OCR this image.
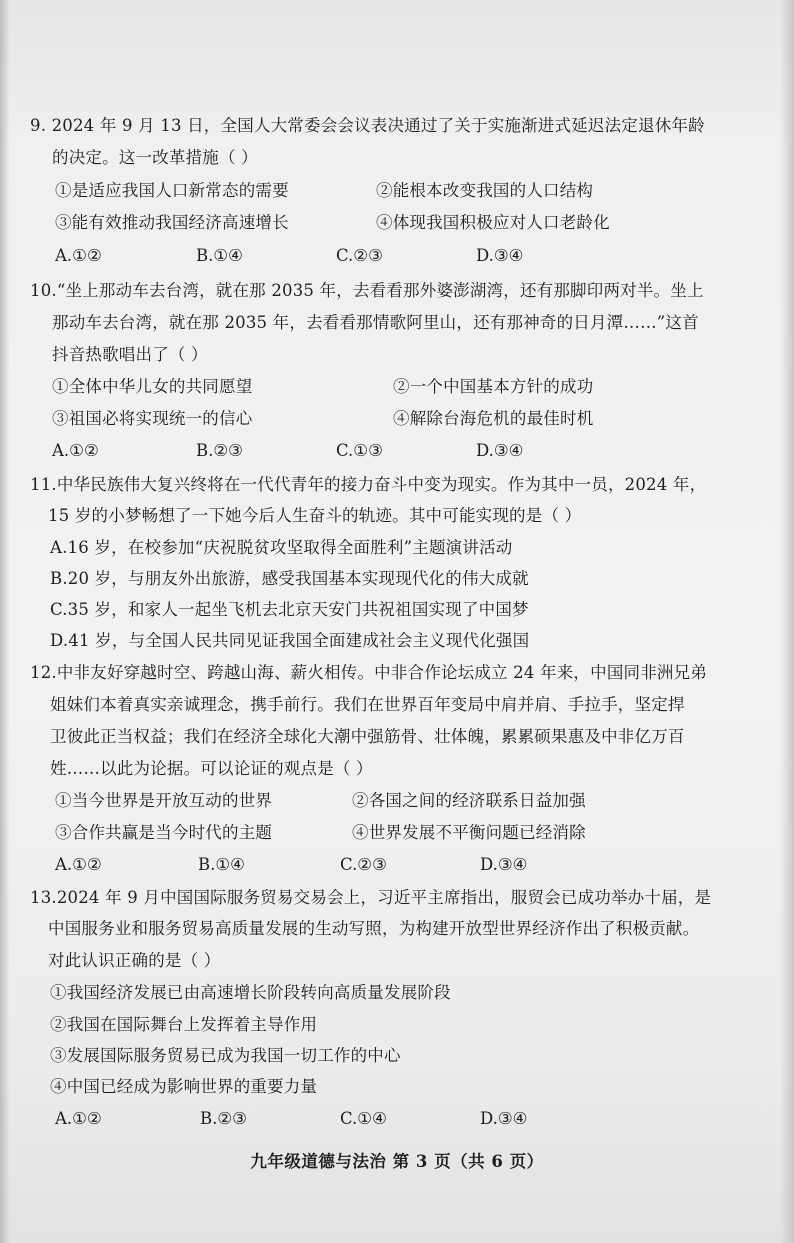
9. 2024 年 9 月 13 日，全国人大常委会会议表决通过了关于实施渐进式延迟法定退休年龄
的决定。这一改革措施（ ）
①是适应我国人口新常态的需要	②能根本改变我国的人口结构
③能有效推动我国经济高速增长	④体现我国积极应对人口老龄化
A.①②	B.①④	C.②③	D.③④
10.“坐上那动车去台湾，就在那 2035 年，去看看那外婆澎湖湾，还有那脚印两对半。坐上
那动车去台湾，就在那 2035 年，去看看那情歌阿里山，还有那神奇的日月潭……”这首
抖音热歌唱出了（ ）
①全体中华儿女的共同愿望	②一个中国基本方针的成功
③祖国必将实现统一的信心	④解除台海危机的最佳时机
A.①②	B.②③	C.①③	D.③④
11.中华民族伟大复兴终将在一代代青年的接力奋斗中变为现实。作为其中一员，2024 年，
15 岁的小梦畅想了一下她今后人生奋斗的轨迹。其中可能实现的是（ ）
A.16 岁，在校参加“庆祝脱贫攻坚取得全面胜利”主题演讲活动
B.20 岁，与朋友外出旅游，感受我国基本实现现代化的伟大成就
C.35 岁，和家人一起坐飞机去北京天安门共祝祖国实现了中国梦
D.41 岁，与全国人民共同见证我国全面建成社会主义现代化强国
12.中非友好穿越时空、跨越山海、薪火相传。中非合作论坛成立 24 年来，中国同非洲兄弟
姐妹们本着真实亲诚理念，携手前行。我们在世界百年变局中肩并肩、手拉手，坚定捍
卫彼此正当权益；我们在经济全球化大潮中强筋骨、壮体魄，累累硕果惠及中非亿万百
姓……以此为论据。可以论证的观点是（ ）
①当今世界是开放互动的世界	②各国之间的经济联系日益加强
③合作共赢是当今时代的主题	④世界发展不平衡问题已经消除
A.①②	B.①④	C.②③	D.③④
13.2024 年 9 月中国国际服务贸易交易会上，习近平主席指出，服贸会已成功举办十届，是
中国服务业和服务贸易高质量发展的生动写照，为构建开放型世界经济作出了积极贡献。
对此认识正确的是（ ）
①我国经济发展已由高速增长阶段转向高质量发展阶段
②我国在国际舞台上发挥着主导作用
③发展国际服务贸易已成为我国一切工作的中心
④中国已经成为影响世界的重要力量
A.①②	B.②③	C.①④	D.③④
九年级道德与法治 第 3 页（共 6 页）
